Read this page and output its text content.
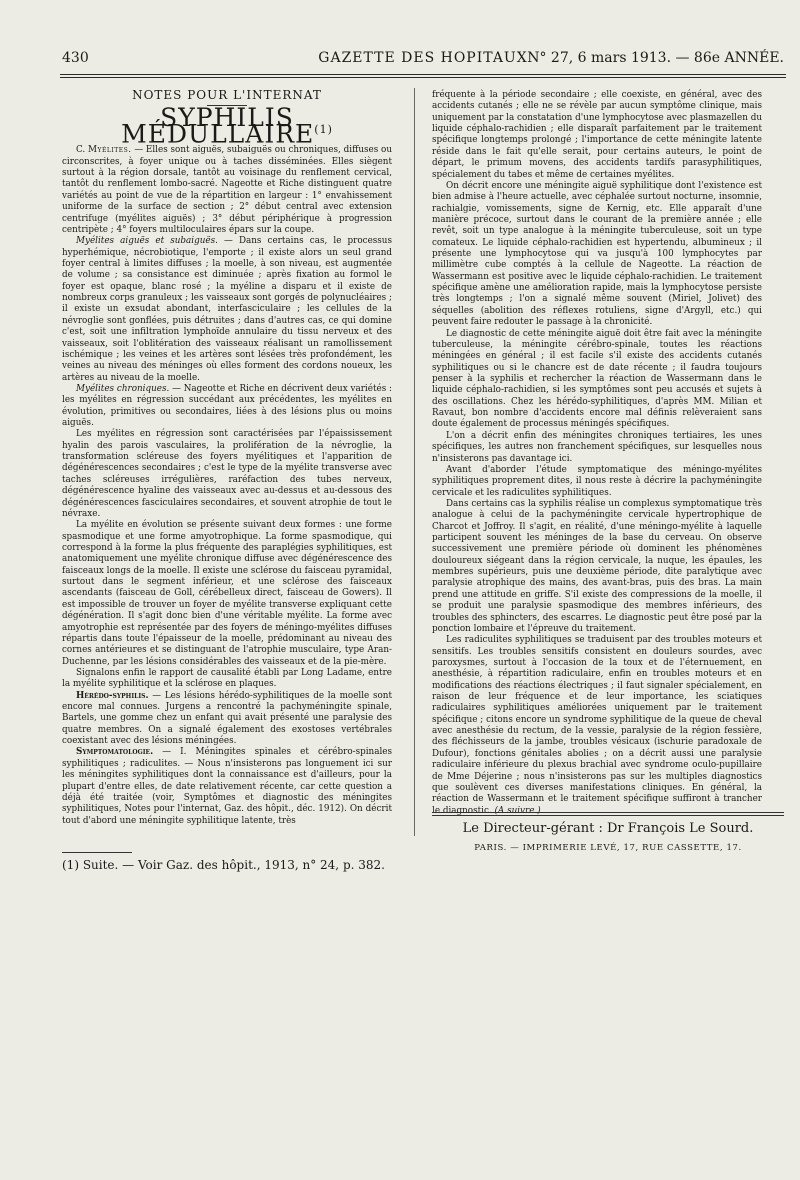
430	GAZETTE DES HOPITAUX N° 27, 6 mars 1913. — 86e ANNÉE.
NOTES POUR L'INTERNAT
SYPHILIS MÉDULLAIRE$^{(1)}$

C. Myélites. — Elles sont aiguës, subaiguës ou chroniques, diffuses ou circonscrites, à foyer unique ou à taches disséminées. Elles siègent surtout à la région dorsale, tantôt au voisinage du renflement cervical, tantôt du renflement lombo-sacré. Nageotte et Riche distinguent quatre variétés au point de vue de la répartition en largeur : 1° envahissement uniforme de la surface de section ; 2° début central avec extension centrifuge (myélites aiguës) ; 3° début périphérique à progression centripète ; 4° foyers multiloculaires épars sur la coupe.

Myélites aiguës et subaiguës. — Dans certains cas, le processus hyperhémique, nécrobiotique, l'emporte ; il existe alors un seul grand foyer central à limites diffuses ; la moelle, à son niveau, est augmentée de volume ; sa consistance est diminuée ; après fixation au formol le foyer est opaque, blanc rosé ; la myéline a disparu et il existe de nombreux corps granuleux ; les vaisseaux sont gorgés de polynucléaires ; il existe un exsudat abondant, interfasciculaire ; les cellules de la névroglie sont gonflées, puis détruites ; dans d'autres cas, ce qui domine c'est, soit une infiltration lymphoïde annulaire du tissu nerveux et des vaisseaux, soit l'oblitération des vaisseaux réalisant un ramollissement ischémique ; les veines et les artères sont lésées très profondément, les veines au niveau des méninges où elles forment des cordons noueux, les artères au niveau de la moelle.

Myélites chroniques. — Nageotte et Riche en décrivent deux variétés : les myélites en régression succédant aux précédentes, les myélites en évolution, primitives ou secondaires, liées à des lésions plus ou moins aiguës.

Les myélites en régression sont caractérisées par l'épaississement hyalin des parois vasculaires, la prolifération de la névroglie, la transformation scléreuse des foyers myélitiques et l'apparition de dégénérescences secondaires ; c'est le type de la myélite transverse avec taches scléreuses irrégulières, raréfaction des tubes nerveux, dégénérescence hyaline des vaisseaux avec au-dessus et au-dessous des dégénérescences fasciculaires secondaires, et souvent atrophie de tout le névraxe.

La myélite en évolution se présente suivant deux formes : une forme spasmodique et une forme amyotrophique. La forme spasmodique, qui correspond à la forme la plus fréquente des paraplégies syphilitiques, est anatomiquement une myélite chronique diffuse avec dégénérescence des faisceaux longs de la moelle. Il existe une sclérose du faisceau pyramidal, surtout dans le segment inférieur, et une sclérose des faisceaux ascendants (faisceau de Goll, cérébelleux direct, faisceau de Gowers). Il est impossible de trouver un foyer de myélite transverse expliquant cette dégénération. Il s'agit donc bien d'une véritable myélite. La forme avec amyotrophie est représentée par des foyers de méningo-myélites diffuses répartis dans toute l'épaisseur de la moelle, prédominant au niveau des cornes antérieures et se distinguant de l'atrophie musculaire, type Aran-Duchenne, par les lésions considérables des vaisseaux et de la pie-mère.

Signalons enfin le rapport de causalité établi par Long Ladame, entre la myélite syphilitique et la sclérose en plaques.

Hérédo-syphilis. — Les lésions hérédo-syphilitiques de la moelle sont encore mal connues. Jurgens a rencontré la pachyméningite spinale, Bartels, une gomme chez un enfant qui avait présenté une paralysie des quatre membres. On a signalé également des exostoses vertébrales coexistant avec des lésions méningées.

Symptomatologie. — I. Méningites spinales et cérébro-spinales syphilitiques ; radiculites. — Nous n'insisterons pas longuement ici sur les méningites syphilitiques dont la connaissance est d'ailleurs, pour la plupart d'entre elles, de date relativement récente, car cette question a déjà été traitée (voir, Symptômes et diagnostic des méningites syphilitiques, Notes pour l'internat, Gaz. des hôpit., déc. 1912). On décrit tout d'abord une méningite syphilitique latente, très

(1) Suite. — Voir Gaz. des hôpit., 1913, n° 24, p. 382.

fréquente à la période secondaire ; elle coexiste, en général, avec des accidents cutanés ; elle ne se révèle par aucun symptôme clinique, mais uniquement par la constatation d'une lymphocytose avec plasmazellen du liquide céphalo-rachidien ; elle disparaît parfaitement par le traitement spécifique longtemps prolongé ; l'importance de cette méningite latente réside dans le fait qu'elle serait, pour certains auteurs, le point de départ, le primum movens, des accidents tardifs parasyphilitiques, spécialement du tabes et même de certaines myélites.

On décrit encore une méningite aiguë syphilitique dont l'existence est bien admise à l'heure actuelle, avec céphalée surtout nocturne, insomnie, rachialgie, vomissements, signe de Kernig, etc. Elle apparaît d'une manière précoce, surtout dans le courant de la première année ; elle revêt, soit un type analogue à la méningite tuberculeuse, soit un type comateux. Le liquide céphalo-rachidien est hypertendu, albumineux ; il présente une lymphocytose qui va jusqu'à 100 lymphocytes par millimètre cube comptés à la cellule de Nageotte. La réaction de Wassermann est positive avec le liquide céphalo-rachidien. Le traitement spécifique amène une amélioration rapide, mais la lymphocytose persiste très longtemps ; l'on a signalé même souvent (Miriel, Jolivet) des séquelles (abolition des réflexes rotuliens, signe d'Argyll, etc.) qui peuvent faire redouter le passage à la chronicité.

Le diagnostic de cette méningite aiguë doit être fait avec la méningite tuberculeuse, la méningite cérébro-spinale, toutes les réactions méningées en général ; il est facile s'il existe des accidents cutanés syphilitiques ou si le chancre est de date récente ; il faudra toujours penser à la syphilis et rechercher la réaction de Wassermann dans le liquide céphalo-rachidien, si les symptômes sont peu accusés et sujets à des oscillations. Chez les hérédo-syphilitiques, d'après MM. Milian et Ravaut, bon nombre d'accidents encore mal définis relèveraient sans doute également de processus méningés spécifiques.

L'on a décrit enfin des méningites chroniques tertiaires, les unes spécifiques, les autres non franchement spécifiques, sur lesquelles nous n'insisterons pas davantage ici.

Avant d'aborder l'étude symptomatique des méningo-myélites syphilitiques proprement dites, il nous reste à décrire la pachyméningite cervicale et les radiculites syphilitiques.

Dans certains cas la syphilis réalise un complexus symptomatique très analogue à celui de la pachyméningite cervicale hypertrophique de Charcot et Joffroy. Il s'agit, en réalité, d'une méningo-myélite à laquelle participent souvent les méninges de la base du cerveau. On observe successivement une première période où dominent les phénomènes douloureux siégeant dans la région cervicale, la nuque, les épaules, les membres supérieurs, puis une deuxième période, dite paralytique avec paralysie atrophique des mains, des avant-bras, puis des bras. La main prend une attitude en griffe. S'il existe des compressions de la moelle, il se produit une paralysie spasmodique des membres inférieurs, des troubles des sphincters, des escarres. Le diagnostic peut être posé par la ponction lombaire et l'épreuve du traitement.

Les radiculites syphilitiques se traduisent par des troubles moteurs et sensitifs. Les troubles sensitifs consistent en douleurs sourdes, avec paroxysmes, surtout à l'occasion de la toux et de l'éternuement, en anesthésie, à répartition radiculaire, enfin en troubles moteurs et en modifications des réactions électriques ; il faut signaler spécialement, en raison de leur fréquence et de leur importance, les sciatiques radiculaires syphilitiques améliorées uniquement par le traitement spécifique ; citons encore un syndrome syphilitique de la queue de cheval avec anesthésie du rectum, de la vessie, paralysie de la région fessière, des fléchisseurs de la jambe, troubles vésicaux (ischurie paradoxale de Dufour), fonctions génitales abolies ; on a décrit aussi une paralysie radiculaire inférieure du plexus brachial avec syndrome oculo-pupillaire de Mme Déjerine ; nous n'insisterons pas sur les multiples diagnostics que soulèvent ces diverses manifestations cliniques. En général, la réaction de Wassermann et le traitement spécifique suffiront à trancher le diagnostic. (A suivre.)

Le Directeur-gérant : Dr François Le Sourd.
PARIS. — IMPRIMERIE LEVÉ, 17, RUE CASSETTE, 17.
